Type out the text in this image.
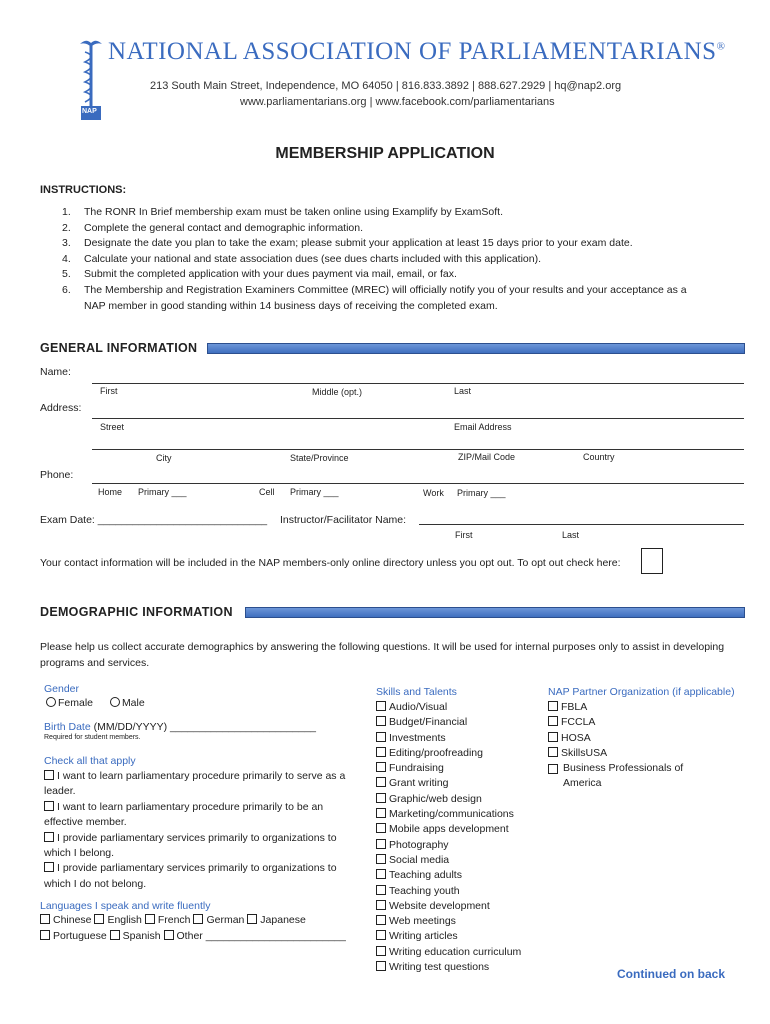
NAP
NATIONAL ASSOCIATION OF PARLIAMENTARIANS®
213 South Main Street, Independence, MO 64050 | 816.833.3892 | 888.627.2929 | hq@nap2.org
www.parliamentarians.org | www.facebook.com/parliamentarians
MEMBERSHIP APPLICATION
INSTRUCTIONS:
1.	The RONR In Brief membership exam must be taken online using Examplify by ExamSoft.
2.	Complete the general contact and demographic information.
3.	Designate the date you plan to take the exam; please submit your application at least 15 days prior to your exam date.
4.	Calculate your national and state association dues (see dues charts included with this application).
5.	Submit the completed application with your dues payment via mail, email, or fax.
6.	The Membership and Registration Examiners Committee (MREC) will officially notify you of your results and your acceptance as a NAP member in good standing within 14 business days of receiving the completed exam.
GENERAL INFORMATION
Name:
First	Middle (opt.)	Last
Address:
Street	Email Address
City	State/Province	ZIP/Mail Code	Country
Phone:
Home Primary ___	Cell Primary ___	Work Primary ___
Exam Date: _____________________________ Instructor/Facilitator Name:
First	Last
Your contact information will be included in the NAP members-only online directory unless you opt out. To opt out check here:
DEMOGRAPHIC INFORMATION
Please help us collect accurate demographics by answering the following questions. It will be used for internal purposes only to assist in developing programs and services.
Gender
Female	Male
Birth Date (MM/DD/YYYY) _________________________
Required for student members.
Check all that apply
I want to learn parliamentary procedure primarily to serve as a leader.
I want to learn parliamentary procedure primarily to be an effective member.
I provide parliamentary services primarily to organizations to which I belong.
I provide parliamentary services primarily to organizations to which I do not belong.
Languages I speak and write fluently
Chinese English French German Japanese
Portuguese Spanish Other ________________________
Skills and Talents
Audio/Visual
Budget/Financial
Investments
Editing/proofreading
Fundraising
Grant writing
Graphic/web design
Marketing/communications
Mobile apps development
Photography
Social media
Teaching adults
Teaching youth
Website development
Web meetings
Writing articles
Writing education curriculum
Writing test questions
NAP Partner Organization (if applicable)
FBLA
FCCLA
HOSA
SkillsUSA
Business Professionals of America
Continued on back
